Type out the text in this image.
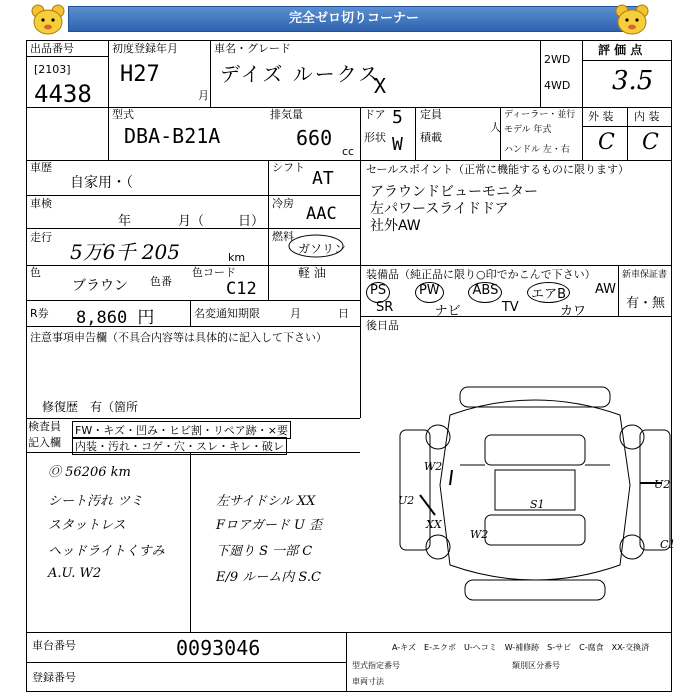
完全ゼロ切りコーナー
出品番号
[2103]
4438
初度登録年月
H27
月
車名・グレード
デイズ ルークス
X
2WD
4WD
評 価 点
3.5
型式
DBA-B21A
排気量
660
cc
ドア 5
形状 W
定員
人
積載
ディーラー・並行
モデル 年式
ハンドル 左・右
外 装 内 装
C C
車歴
自家用・（
シフト
AT	セールスポイント（正常に機能するものに限ります）
アラウンドビューモニター
左パワースライドドア
社外AW
車検
年	月（	日）
冷房
AAC
走行
5万6千 205	km
燃料
ガソリン
軽 油
色
ブラウン 色番
色コード
C12
R券 8,860 円	名変通知期限	月	日
装備品（純正品に限り○印でかこんで下さい）
PS	PW	ABS	エアB	AW
SR	ナビ	TV	カワ
新車保証書
有・無
後日品
注意事項申告欄（不具合内容等は具体的に記入して下さい）
修復歴　有（箇所
検査員
記入欄
FW・キズ・凹み・ヒビ割・リペア跡・×要
内装・汚れ・コゲ・穴・スレ・キレ・破レ
Ⓞ 56206 km
シート汚れ ツミ
スタットレス
ヘッドライトくすみ
A.U. W2
左サイドシル XX
Fロアガード U 歪
下廻り S 一部 C
E/9 ルーム内 S.C
W2
U2
XX
W2
S1
U2
C1
A-キズ　E-エクボ　U-ヘコミ　W-補修跡　S-サビ　C-腐食　XX-交換済
車台番号	0093046
登録番号
型式指定番号	類別区分番号
車両寸法
